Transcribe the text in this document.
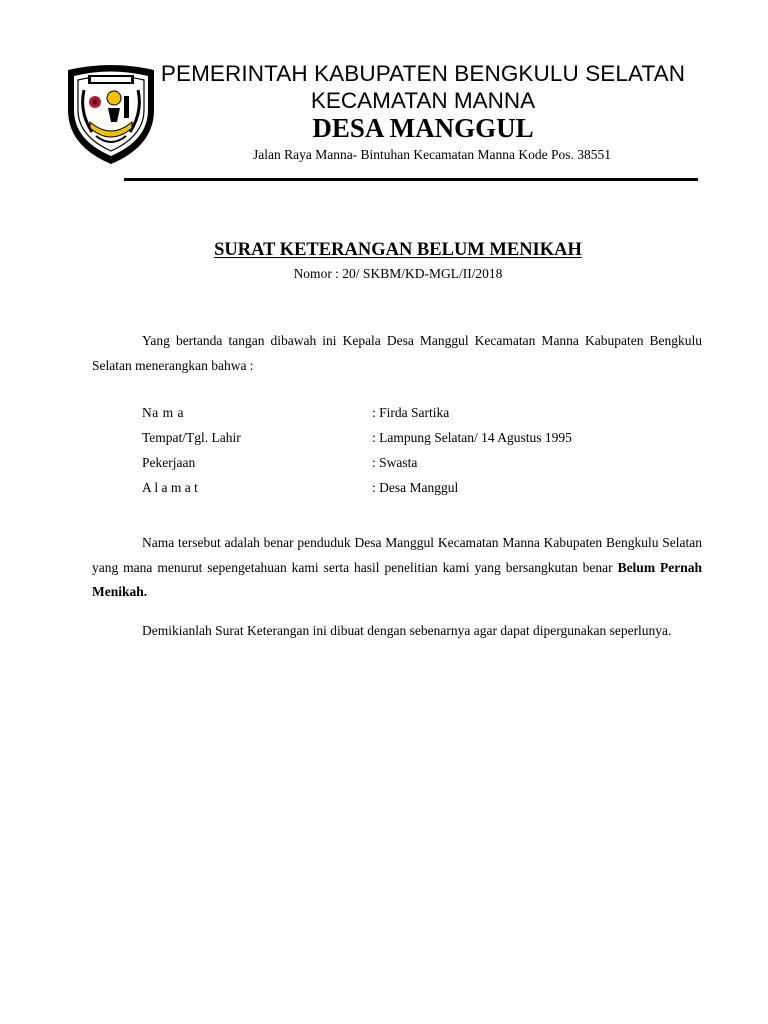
PEMERINTAH KABUPATEN BENGKULU SELATAN
KECAMATAN MANNA
DESA MANGGUL
Jalan Raya Manna- Bintuhan Kecamatan Manna Kode Pos. 38551
SURAT KETERANGAN BELUM MENIKAH
Nomor : 20/ SKBM/KD-MGL/II/2018

Yang bertanda tangan dibawah ini Kepala Desa Manggul Kecamatan Manna Kabupaten Bengkulu Selatan menerangkan bahwa :

Na m a	: Firda Sartika
Tempat/Tgl. Lahir	: Lampung Selatan/ 14 Agustus 1995
Pekerjaan	: Swasta
A l a m a t	: Desa Manggul

Nama tersebut adalah benar penduduk Desa Manggul Kecamatan Manna Kabupaten Bengkulu Selatan yang mana menurut sepengetahuan kami serta hasil penelitian kami yang bersangkutan benar Belum Pernah Menikah.

Demikianlah Surat Keterangan ini dibuat dengan sebenarnya agar dapat dipergunakan seperlunya.
